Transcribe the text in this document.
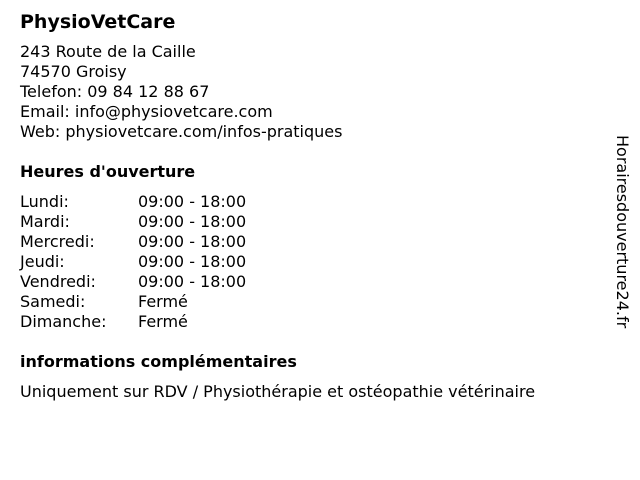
PhysioVetCare
243 Route de la Caille
74570 Groisy
Telefon: 09 84 12 88 67
Email: info@physiovetcare.com
Web: physiovetcare.com/infos-pratiques
Heures d'ouverture
Lundi:	09:00 - 18:00
Mardi:	09:00 - 18:00
Mercredi:	09:00 - 18:00
Jeudi:	09:00 - 18:00
Vendredi:	09:00 - 18:00
Samedi:	Fermé
Dimanche:	Fermé
informations complémentaires
Uniquement sur RDV / Physiothérapie et ostéopathie vétérinaire
Horairesdouverture24.fr
